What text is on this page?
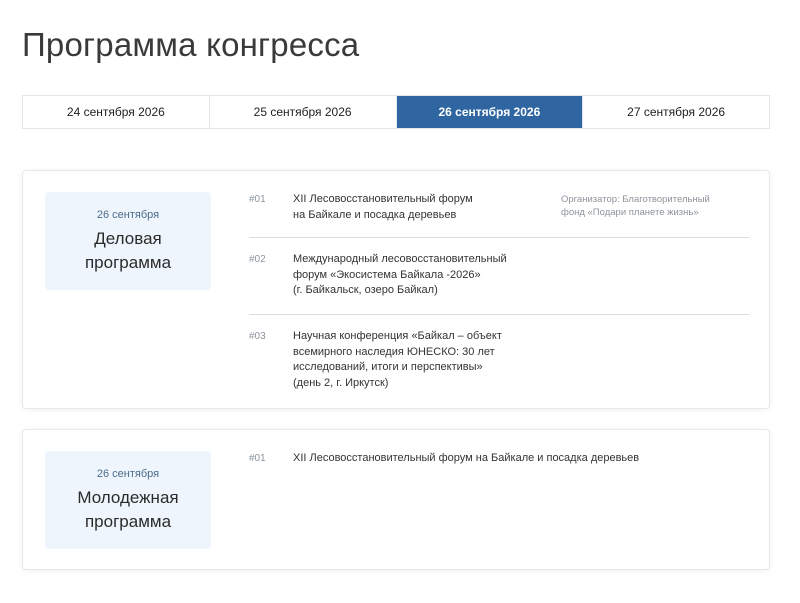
Программа конгресса
24 сентября 2026	25 сентября 2026	26 сентября 2026	27 сентября 2026
26 сентября
Деловая
программа
#01 XII Лесовосстановительный форум
на Байкале и посадка деревьев
Организатор: Благотворительный
фонд «Подари планете жизнь»
#02 Международный лесовосстановительный
форум «Экосистема Байкала -2026»
(г. Байкальск, озеро Байкал)
#03 Научная конференция «Байкал – объект
всемирного наследия ЮНЕСКО: 30 лет
исследований, итоги и перспективы»
(день 2, г. Иркутск)
26 сентября
Молодежная
программа
#01 XII Лесовосстановительный форум на Байкале и посадка деревьев
